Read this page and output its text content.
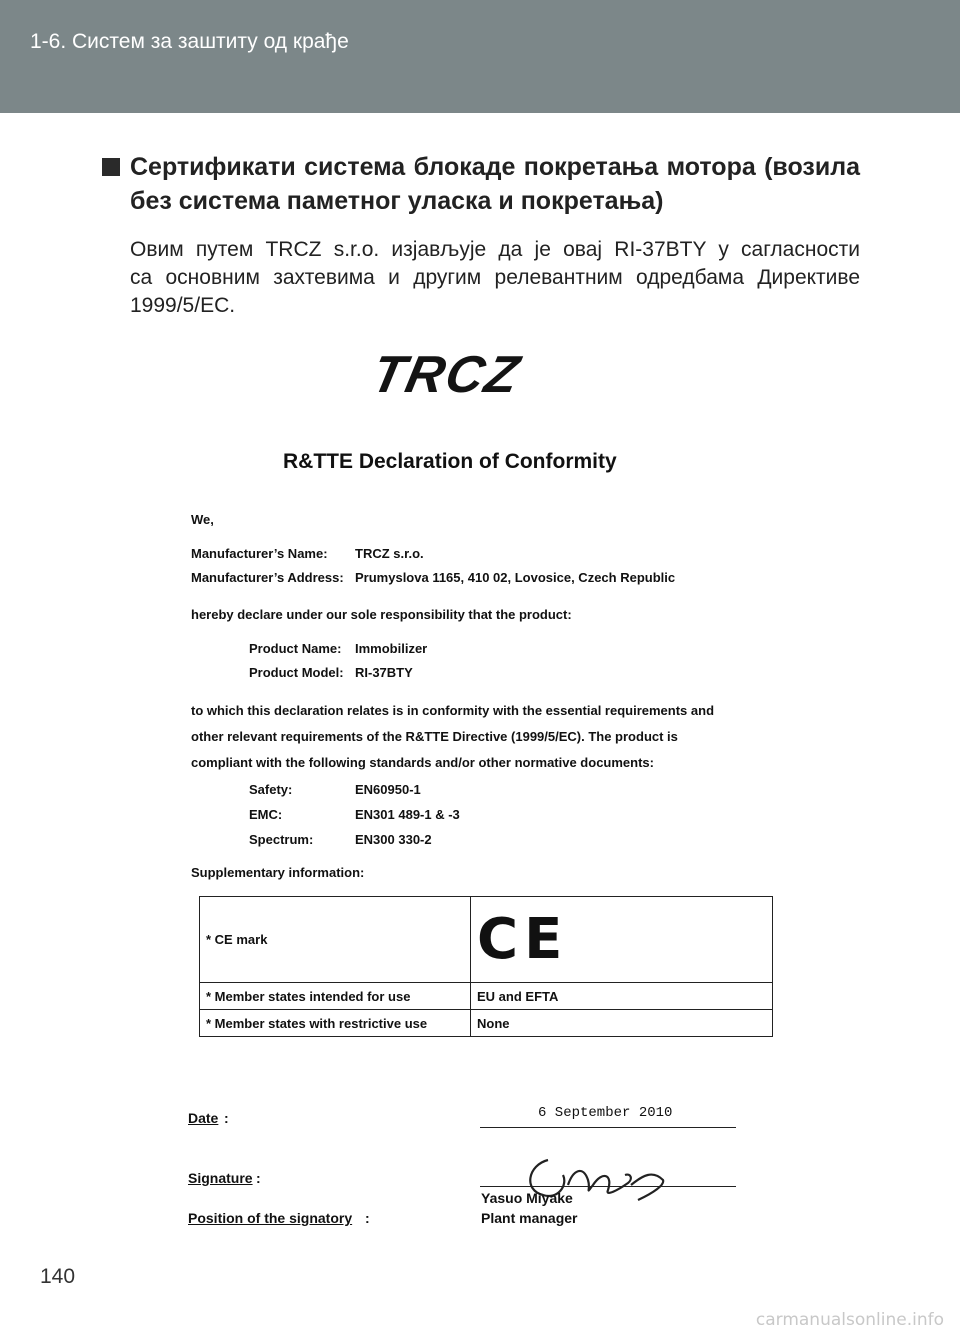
1-6. Систем за заштиту од крађе
Сертификати система блокаде покретања мотора (возила без система паметног уласка и покретања)
Овим путем TRCZ s.r.o. изјављује да је овај RI-37BTY у сагласности са основним захтевима и другим релевантним одредбама Директиве 1999/5/EC.
TRCZ
R&TTE Declaration of Conformity
We,
Manufacturer’s Name: TRCZ s.r.o.
Manufacturer’s Address: Prumyslova 1165, 410 02, Lovosice, Czech Republic
hereby declare under our sole responsibility that the product:
Product Name: Immobilizer
Product Model: RI-37BTY
to which this declaration relates is in conformity with the essential requirements and other relevant requirements of the R&TTE Directive (1999/5/EC). The product is compliant with the following standards and/or other normative documents:
Safety:	EN60950-1
EMC:	EN301 489-1 & -3
Spectrum:	EN300 330-2
Supplementary information:
* CE mark	CE
* Member states intended for use	EU and EFTA
* Member states with restrictive use	None
Date :	6 September 2010
Signature :
Yasuo Miyake
Position of the signatory :	Plant manager
140
carmanualsonline.info
